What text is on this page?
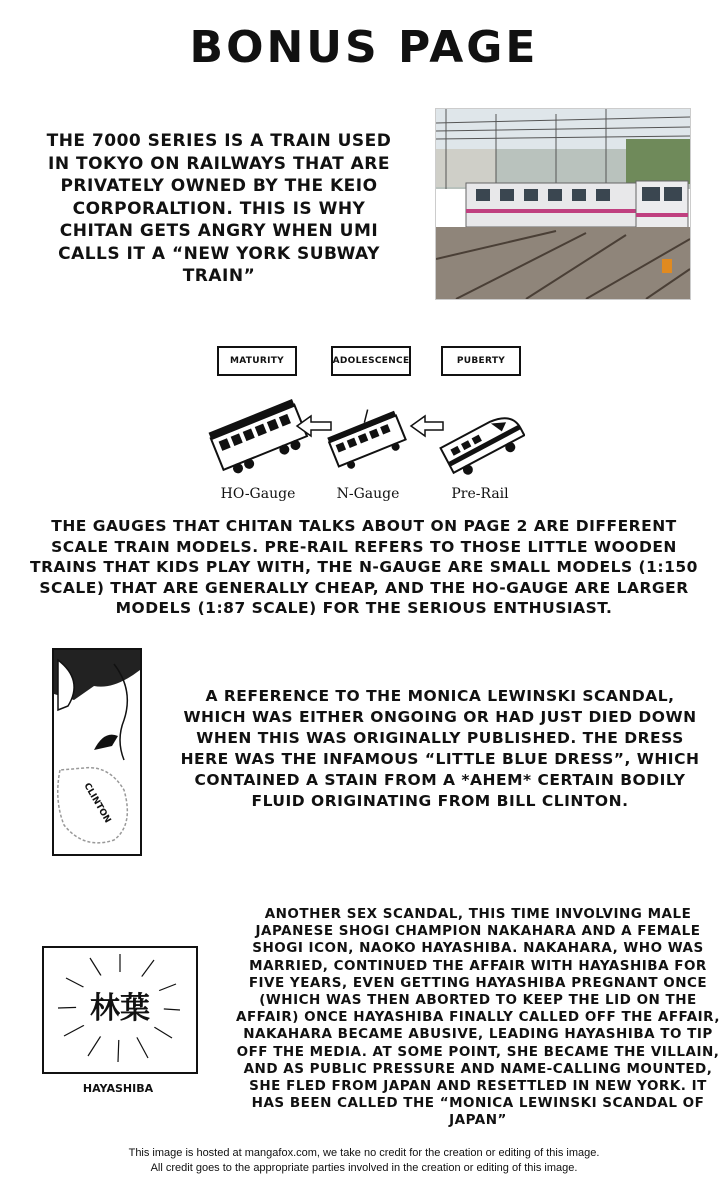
BONUS PAGE
THE 7000 SERIES IS A TRAIN USED IN TOKYO ON RAILWAYS THAT ARE PRIVATELY OWNED BY THE KEIO CORPORALTION. THIS IS WHY CHITAN GETS ANGRY WHEN UMI CALLS IT A “NEW YORK SUBWAY TRAIN”
MATURITY	ADOLESCENCE	PUBERTY
HO-Gauge	N-Gauge	Pre-Rail
THE GAUGES THAT CHITAN TALKS ABOUT ON PAGE 2 ARE DIFFERENT SCALE TRAIN MODELS. PRE-RAIL REFERS TO THOSE LITTLE WOODEN TRAINS THAT KIDS PLAY WITH, THE N-GAUGE ARE SMALL MODELS (1:150 SCALE) THAT ARE GENERALLY CHEAP, AND THE HO-GAUGE ARE LARGER MODELS (1:87 SCALE) FOR THE SERIOUS ENTHUSIAST.
CLINTON
A REFERENCE TO THE MONICA LEWINSKI SCANDAL, WHICH WAS EITHER ONGOING OR HAD JUST DIED DOWN WHEN THIS WAS ORIGINALLY PUBLISHED. THE DRESS HERE WAS THE INFAMOUS “LITTLE BLUE DRESS”, WHICH CONTAINED A STAIN FROM A *AHEM* CERTAIN BODILY FLUID ORIGINATING FROM BILL CLINTON.
林葉
HAYASHIBA
ANOTHER SEX SCANDAL, THIS TIME INVOLVING MALE JAPANESE SHOGI CHAMPION NAKAHARA AND A FEMALE SHOGI ICON, NAOKO HAYASHIBA. NAKAHARA, WHO WAS MARRIED, CONTINUED THE AFFAIR WITH HAYASHIBA FOR FIVE YEARS, EVEN GETTING HAYASHIBA PREGNANT ONCE (WHICH WAS THEN ABORTED TO KEEP THE LID ON THE AFFAIR) ONCE HAYASHIBA FINALLY CALLED OFF THE AFFAIR, NAKAHARA BECAME ABUSIVE, LEADING HAYASHIBA TO TIP OFF THE MEDIA. AT SOME POINT, SHE BECAME THE VILLAIN, AND AS PUBLIC PRESSURE AND NAME-CALLING MOUNTED, SHE FLED FROM JAPAN AND RESETTLED IN NEW YORK. IT HAS BEEN CALLED THE “MONICA LEWINSKI SCANDAL OF JAPAN”
This image is hosted at mangafox.com, we take no credit for the creation or editing of this image.
All credit goes to the appropriate parties involved in the creation or editing of this image.
